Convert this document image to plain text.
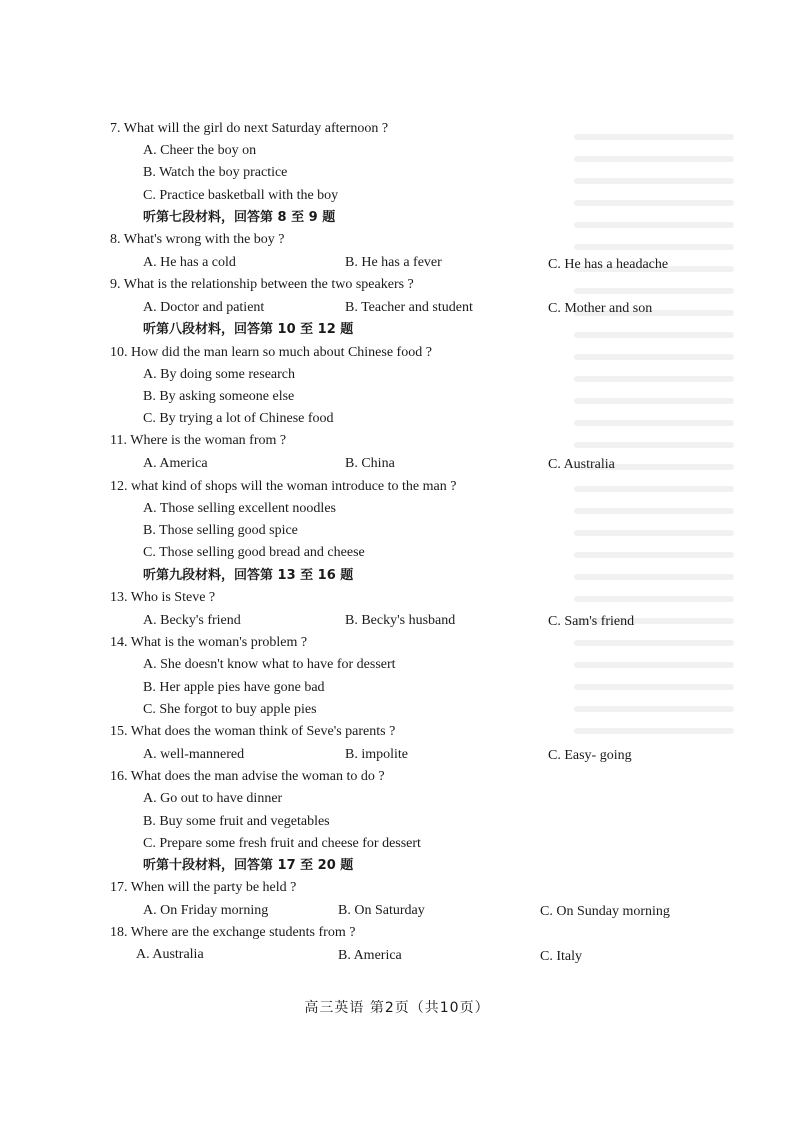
7. What will the girl do next Saturday afternoon ?
A. Cheer the boy on
B. Watch the boy practice
C. Practice basketball with the boy
听第七段材料，回答第 8 至 9 题
8. What's wrong with the boy ?
A. He has a cold	B. He has a fever	C. He has a headache
9. What is the relationship between the two speakers ?
A. Doctor and patient	B. Teacher and student	C. Mother and son
听第八段材料，回答第 10 至 12 题
10. How did the man learn so much about Chinese food ?
A. By doing some research
B. By asking someone else
C. By trying a lot of Chinese food
11. Where is the woman from ?
A. America	B. China	C. Australia
12. what kind of shops will the woman introduce to the man ?
A. Those selling excellent noodles
B. Those selling good spice
C. Those selling good bread and cheese
听第九段材料，回答第 13 至 16 题
13. Who is Steve ?
A. Becky's friend	B. Becky's husband	C. Sam's friend
14. What is the woman's problem ?
A. She doesn't know what to have for dessert
B. Her apple pies have gone bad
C. She forgot to buy apple pies
15. What does the woman think of Seve's parents ?
A. well-mannered	B. impolite	C. Easy- going
16. What does the man advise the woman to do ?
A. Go out to have dinner
B. Buy some fruit and vegetables
C. Prepare some fresh fruit and cheese for dessert
听第十段材料，回答第 17 至 20 题
17. When will the party be held ?
A. On Friday morning	B. On Saturday	C. On Sunday morning
18. Where are the exchange students from ?
A. Australia	B. America	C. Italy
高三英语 第2页（共10页）
